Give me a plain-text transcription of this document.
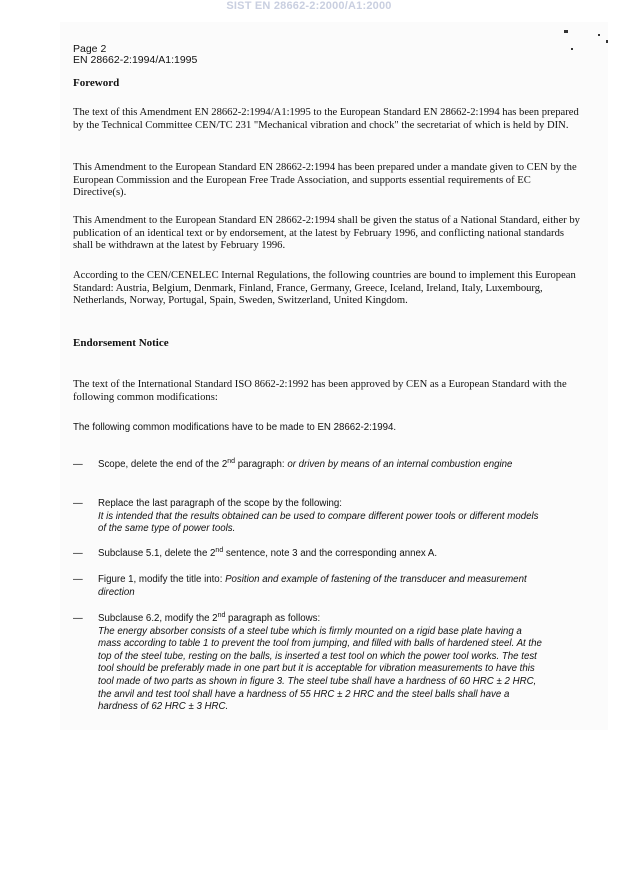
SIST EN 28662-2:2000/A1:2000
Page 2
EN 28662-2:1994/A1:1995
Foreword
The text of this Amendment EN 28662-2:1994/A1:1995 to the European Standard EN 28662-2:1994 has been prepared by the Technical Committee CEN/TC 231 "Mechanical vibration and chock" the secretariat of which is held by DIN.
This Amendment to the European Standard EN 28662-2:1994 has been prepared under a mandate given to CEN by the European Commission and the European Free Trade Association, and supports essential requirements of EC Directive(s).
This Amendment to the European Standard EN 28662-2:1994 shall be given the status of a National Standard, either by publication of an identical text or by endorsement, at the latest by February 1996, and conflicting national standards shall be withdrawn at the latest by February 1996.
According to the CEN/CENELEC Internal Regulations, the following countries are bound to implement this European Standard: Austria, Belgium, Denmark, Finland, France, Germany, Greece, Iceland, Ireland, Italy, Luxembourg, Netherlands, Norway, Portugal, Spain, Sweden, Switzerland, United Kingdom.
Endorsement Notice
The text of the International Standard ISO 8662-2:1992 has been approved by CEN as a European Standard with the following common modifications:
The following common modifications have to be made to EN 28662-2:1994.
— Scope, delete the end of the 2nd paragraph: or driven by means of an internal combustion engine
— Replace the last paragraph of the scope by the following:
It is intended that the results obtained can be used to compare different power tools or different models of the same type of power tools.
— Subclause 5.1, delete the 2nd sentence, note 3 and the corresponding annex A.
— Figure 1, modify the title into: Position and example of fastening of the transducer and measurement direction
— Subclause 6.2, modify the 2nd paragraph as follows:
The energy absorber consists of a steel tube which is firmly mounted on a rigid base plate having a mass according to table 1 to prevent the tool from jumping, and filled with balls of hardened steel. At the top of the steel tube, resting on the balls, is inserted a test tool on which the power tool works. The test tool should be preferably made in one part but it is acceptable for vibration measurements to have this tool made of two parts as shown in figure 3. The steel tube shall have a hardness of 60 HRC ± 2 HRC, the anvil and test tool shall have a hardness of 55 HRC ± 2 HRC and the steel balls shall have a hardness of 62 HRC ± 3 HRC.
